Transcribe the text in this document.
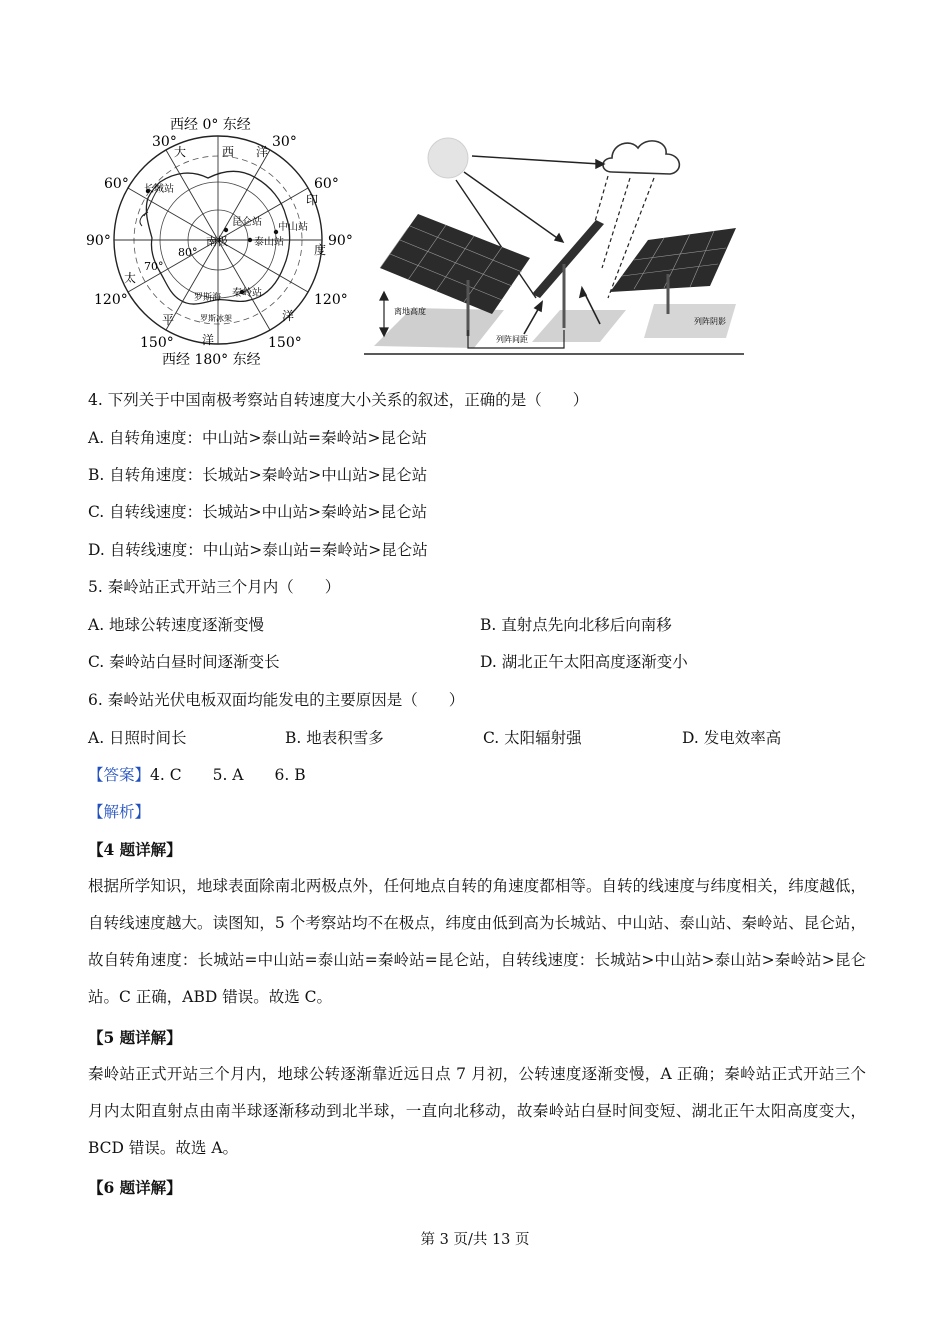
西经 0° 东经
西经 180° 东经
30°	30°
60°	60°
90°	90°
120°	120°
150°	150°
大	西 洋
印
度
洋
太
平
洋
70°
80°
南极
长城站
昆仑站 中山站
泰山站
秦岭站
罗斯海
罗斯冰架
离地高度
列阵间距
列阵阴影
4. 下列关于中国南极考察站自转速度大小关系的叙述，正确的是（　　）
A. 自转角速度：中山站>泰山站=秦岭站>昆仑站
B. 自转角速度：长城站>秦岭站>中山站>昆仑站
C. 自转线速度：长城站>中山站>秦岭站>昆仑站
D. 自转线速度：中山站>泰山站=秦岭站>昆仑站
5. 秦岭站正式开站三个月内（　　）
A. 地球公转速度逐渐变慢	B. 直射点先向北移后向南移
C. 秦岭站白昼时间逐渐变长	D. 湖北正午太阳高度逐渐变小
6. 秦岭站光伏电板双面均能发电的主要原因是（　　）
A. 日照时间长	B. 地表积雪多	C. 太阳辐射强	D. 发电效率高
【答案】4. C　　5. A　　6. B
【解析】
【4 题详解】
根据所学知识，地球表面除南北两极点外，任何地点自转的角速度都相等。自转的线速度与纬度相关，纬度越低，自转线速度越大。读图知，5 个考察站均不在极点，纬度由低到高为长城站、中山站、泰山站、秦岭站、昆仑站，故自转角速度：长城站=中山站=泰山站=秦岭站=昆仑站，自转线速度：长城站>中山站>泰山站>秦岭站>昆仑站。C 正确，ABD 错误。故选 C。
【5 题详解】
秦岭站正式开站三个月内，地球公转逐渐靠近远日点 7 月初，公转速度逐渐变慢，A 正确；秦岭站正式开站三个月内太阳直射点由南半球逐渐移动到北半球，一直向北移动，故秦岭站白昼时间变短、湖北正午太阳高度变大，BCD 错误。故选 A。
【6 题详解】
第 3 页/共 13 页
